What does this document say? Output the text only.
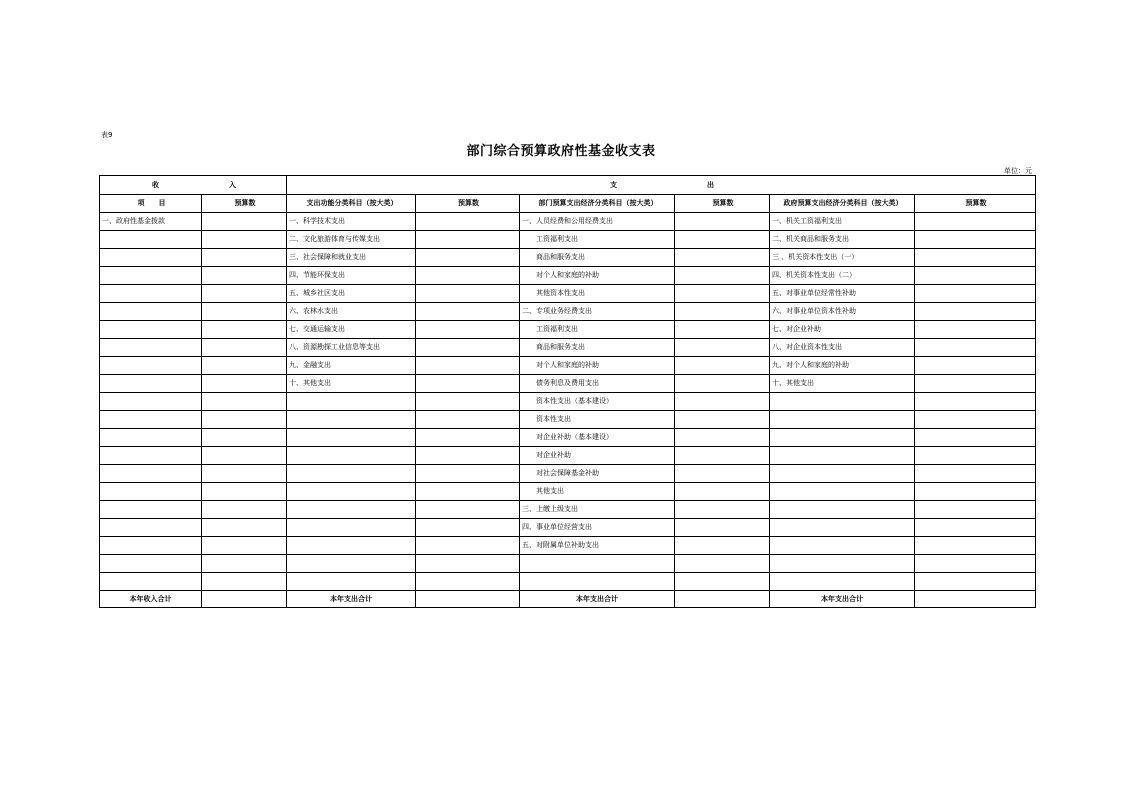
表9
部门综合预算政府性基金收支表
单位：元
收 入		支 出					
项　　目	预算数	支出功能分类科目（按大类）	预算数	部门预算支出经济分类科目（按大类）	预算数	政府预算支出经济分类科目（按大类）	预算数
一、政府性基金拨款		一、科学技术支出		一、人员经费和公用经费支出		一、机关工资福利支出	
		二、文化旅游体育与传媒支出		工资福利支出		二、机关商品和服务支出	
		三、社会保障和就业支出		商品和服务支出		三 、机关资本性支出（一）	
		四、节能环保支出		对个人和家庭的补助		四、机关资本性支出（二）	
		五、城乡社区支出		其他资本性支出		五、对事业单位经常性补助	
		六、农林水支出		二、专项业务经费支出		六、对事业单位资本性补助	
		七、交通运输支出		工资福利支出		七、对企业补助	
		八、资源勘探工业信息等支出		商品和服务支出		八、对企业资本性支出	
		九、金融支出		对个人和家庭的补助		九、对个人和家庭的补助	
		十、其他支出		债务利息及费用支出		十、其他支出	
				资本性支出（基本建设）			
				资本性支出			
				对企业补助（基本建设）			
				对企业补助			
				对社会保障基金补助			
				其他支出			
				三、上缴上级支出			
				四、事业单位经营支出			
				五、对附属单位补助支出			

本年收入合计		本年支出合计		本年支出合计		本年支出合计	
